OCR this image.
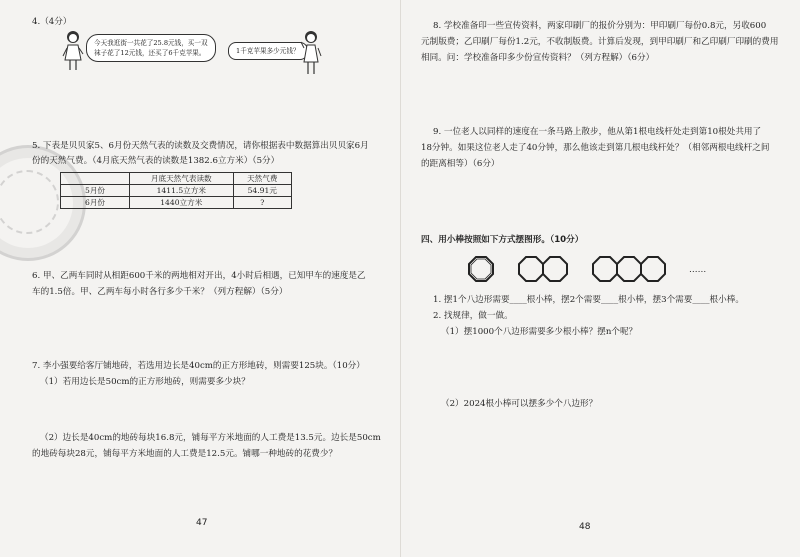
4.（4分）
今天我逛街一共花了25.8元钱，买一双
袜子花了12元钱，还买了6千克苹果。	1千克苹果多少元钱？
5. 下表是贝贝家5、6月份天然气表的读数及交费情况，请你根据表中数据算出贝贝家6月
份的天然气费。（4月底天然气表的读数是1382.6立方米）（5分）
	月底天然气表读数	天然气费
5月份	1411.5立方米	54.91元
6月份	1440立方米	?
6. 甲、乙两车同时从相距600千米的两地相对开出，4小时后相遇，已知甲车的速度是乙
车的1.5倍。甲、乙两车每小时各行多少千米？（列方程解）（5分）
7. 李小强要给客厅铺地砖，若选用边长是40cm的正方形地砖，则需要125块。（10分）
（1）若用边长是50cm的正方形地砖，则需要多少块？
（2）边长是40cm的地砖每块16.8元，铺每平方米地面的人工费是13.5元。边长是50cm
的地砖每块28元，铺每平方米地面的人工费是12.5元。铺哪一种地砖的花费少？
47
8. 学校准备印一些宣传资料，两家印刷厂的报价分别为：甲印刷厂每份0.8元，另收600
元制版费；乙印刷厂每份1.2元，不收制版费。计算后发现，到甲印刷厂和乙印刷厂印刷的费用
相同。问：学校准备印多少份宣传资料？（列方程解）（6分）
9. 一位老人以同样的速度在一条马路上散步，他从第1根电线杆处走到第10根处共用了
18分钟。如果这位老人走了40分钟，那么他该走到第几根电线杆处？（相邻两根电线杆之间
的距离相等）（6分）
四、用小棒按照如下方式摆图形。（10分）
……
1. 摆1个八边形需要____根小棒，摆2个需要____根小棒，摆3个需要____根小棒。
2. 找规律，做一做。
（1）摆1000个八边形需要多少根小棒？摆n个呢？
（2）2024根小棒可以摆多少个八边形？
48
